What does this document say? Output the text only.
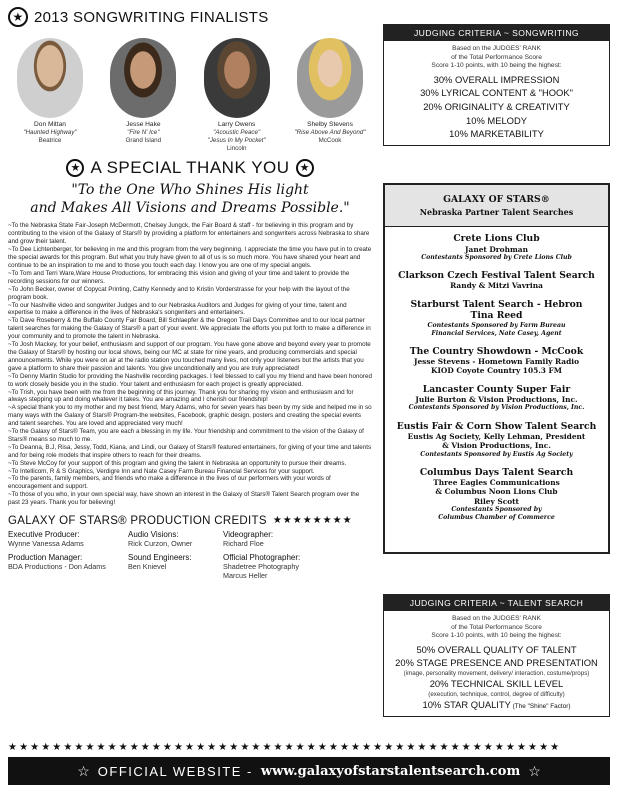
★ 2013 SONGWRITING FINALISTS
Don Mittan
"Haunted Highway"
Beatrice
Jesse Hake
"Fire N' Ice"
Grand Island
Larry Owens
"Acoustic Peace"
"Jesus In My Pocket"
Lincoln
Shelby Stevens
"Rise Above And Beyond"
McCook
★ A SPECIAL THANK YOU ★
"To the One Who Shines His light
and Makes All Visions and Dreams Possible."

~To the Nebraska State Fair-Joseph McDermott, Chelsey Jungck, the Fair Board & staff - for believing in this program and by contributing to the vision of the Galaxy of Stars® by providing a platform for entertainers and songwriters across Nebraska to share and grow their talent.

~To Dee Lichtenberger, for believing in me and this program from the very beginning. I appreciate the time you have put in to create the special awards for this program. But what you truly have given to all of us is so much more. You have shared your heart and continue to be an inspiration to me and to those you touch each day. I know you are one of my special angels.

~To Tom and Terri Ware,Ware House Productions, for embracing this vision and giving of your time and talent to provide the recording sessions for our winners.

~To John Becker, owner of Copycat Printing, Cathy Kennedy and to Kristin Vorderstrasse for your help with the layout of the program book.

~To our Nashville video and songwriter Judges and to our Nebraska Auditors and Judges for giving of your time, talent and expertise to make a difference in the lives of Nebraska's songwriters and entertainers.

~To Dave Roseberry & the Buffalo County Fair Board, Bill Schlaepfer & the Oregon Trail Days Committee and to our local partner talent searches for making the Galaxy of Stars® a part of your event. We appreciate the efforts you put forth to make a difference in your community and to promote the talent in Nebraska.

~To Josh Mackey, for your belief, enthusiasm and support of our program. You have gone above and beyond every year to promote the Galaxy of Stars® by hosting our local shows, being our MC at state for nine years, and producing commercials and special announcements. While you were on air at the radio station you touched many lives, not only your listeners but the artists that you gave a platform to share their passion and talents. You give unconditionally and you are truly appreciated!

~To Denny Martin Studio for providing the Nashville recording packages. I feel blessed to call you my friend and have been honored to work closely beside you in the studio. Your talent and enthusiasm for each project is greatly appreciated.

~To Trish, you have been with me from the beginning of this journey. Thank you for sharing my vision and enthusiasm and for always stepping up and doing whatever it takes. You are amazing and I cherish our friendship!

~A special thank you to my mother and my best friend, Mary Adams, who for seven years has been by my side and helped me in so many ways with the Galaxy of Stars® Program-the websites, Facebook, graphic design, posters and creating the special events and talent searches. You are loved and appreciated very much!

~To the Galaxy of Stars® Team, you are each a blessing in my life. Your friendship and commitment to the vision of the Galaxy of Stars® means so much to me.

~To Deanna, B.J, Risa, Jessy, Todd, Kiana, and Lindi, our Galaxy of Stars® featured entertainers, for giving of your time and talents and for being role models that inspire others to reach for their dreams.

~To Steve McCoy for your support of this program and giving the talent in Nebraska an opportunity to pursue their dreams.

~To Intellicom, R & S Graphics, Verdigre Inn and Nate Casey Farm Bureau Financial Services for your support.

~To the parents, family members, and friends who make a difference in the lives of our performers with your words of encouragement and support.

~To those of you who, in your own special way, have shown an interest in the Galaxy of Stars® Talent Search program over the past 23 years. Thank you for believing!

GALAXY OF STARS® PRODUCTION CREDITS ★★★★★★★★
Executive Producer:
Wynne Vanessa Adams
Production Manager:
BDA Productions - Don Adams
Audio Visions:
Rick Curzon, Owner
Sound Engineers:
Ben Knievel
Videographer:
Richard Floe
Official Photographer:
Shadetree Photography
Marcus Heller
★★★★★★★★★★★★★★★★★★★★★★★★★★★★★★★★★★★★★★★★★★★★★★★★★★
☆ OFFICIAL WEBSITE - www.galaxyofstarstalentsearch.com ☆
JUDGING CRITERIA ~ SONGWRITING
Based on the JUDGES' RANK
of the Total Performance Score
Score 1-10 points, with 10 being the highest:
30% OVERALL IMPRESSION
30% LYRICAL CONTENT & "HOOK"
20% ORIGINALITY & CREATIVITY
10% MELODY
10% MARKETABILITY
GALAXY OF STARS®
Nebraska Partner Talent Searches
Crete Lions Club
Janet Drohman
Contestants Sponsored by Crete Lions Club
Clarkson Czech Festival Talent Search
Randy & Mitzi Vavrina
Starburst Talent Search - Hebron
Tina Reed
Contestants Sponsored by Farm Bureau
Financial Services, Nate Casey, Agent
The Country Showdown - McCook
Jesse Stevens - Hometown Family Radio
KIOD Coyote Country 105.3 FM
Lancaster County Super Fair
Julie Burton & Vision Productions, Inc.
Contestants Sponsored by Vision Productions, Inc.
Eustis Fair & Corn Show Talent Search
Eustis Ag Society, Kelly Lehman, President
& Vision Productions, Inc.
Contestants Sponsored by Eustis Ag Society
Columbus Days Talent Search
Three Eagles Communications
& Columbus Noon Lions Club
Riley Scott
Contestants Sponsored by
Columbus Chamber of Commerce
JUDGING CRITERIA ~ TALENT SEARCH
Based on the JUDGES' RANK
of the Total Performance Score
Score 1-10 points, with 10 being the highest:
50% OVERALL QUALITY OF TALENT
20% STAGE PRESENCE AND PRESENTATION
(image, personality movement, delivery/ interaction, costume/props)
20% TECHNICAL SKILL LEVEL
(execution, technique, control, degree of difficulty)
10% STAR QUALITY (The "Shine" Factor)
